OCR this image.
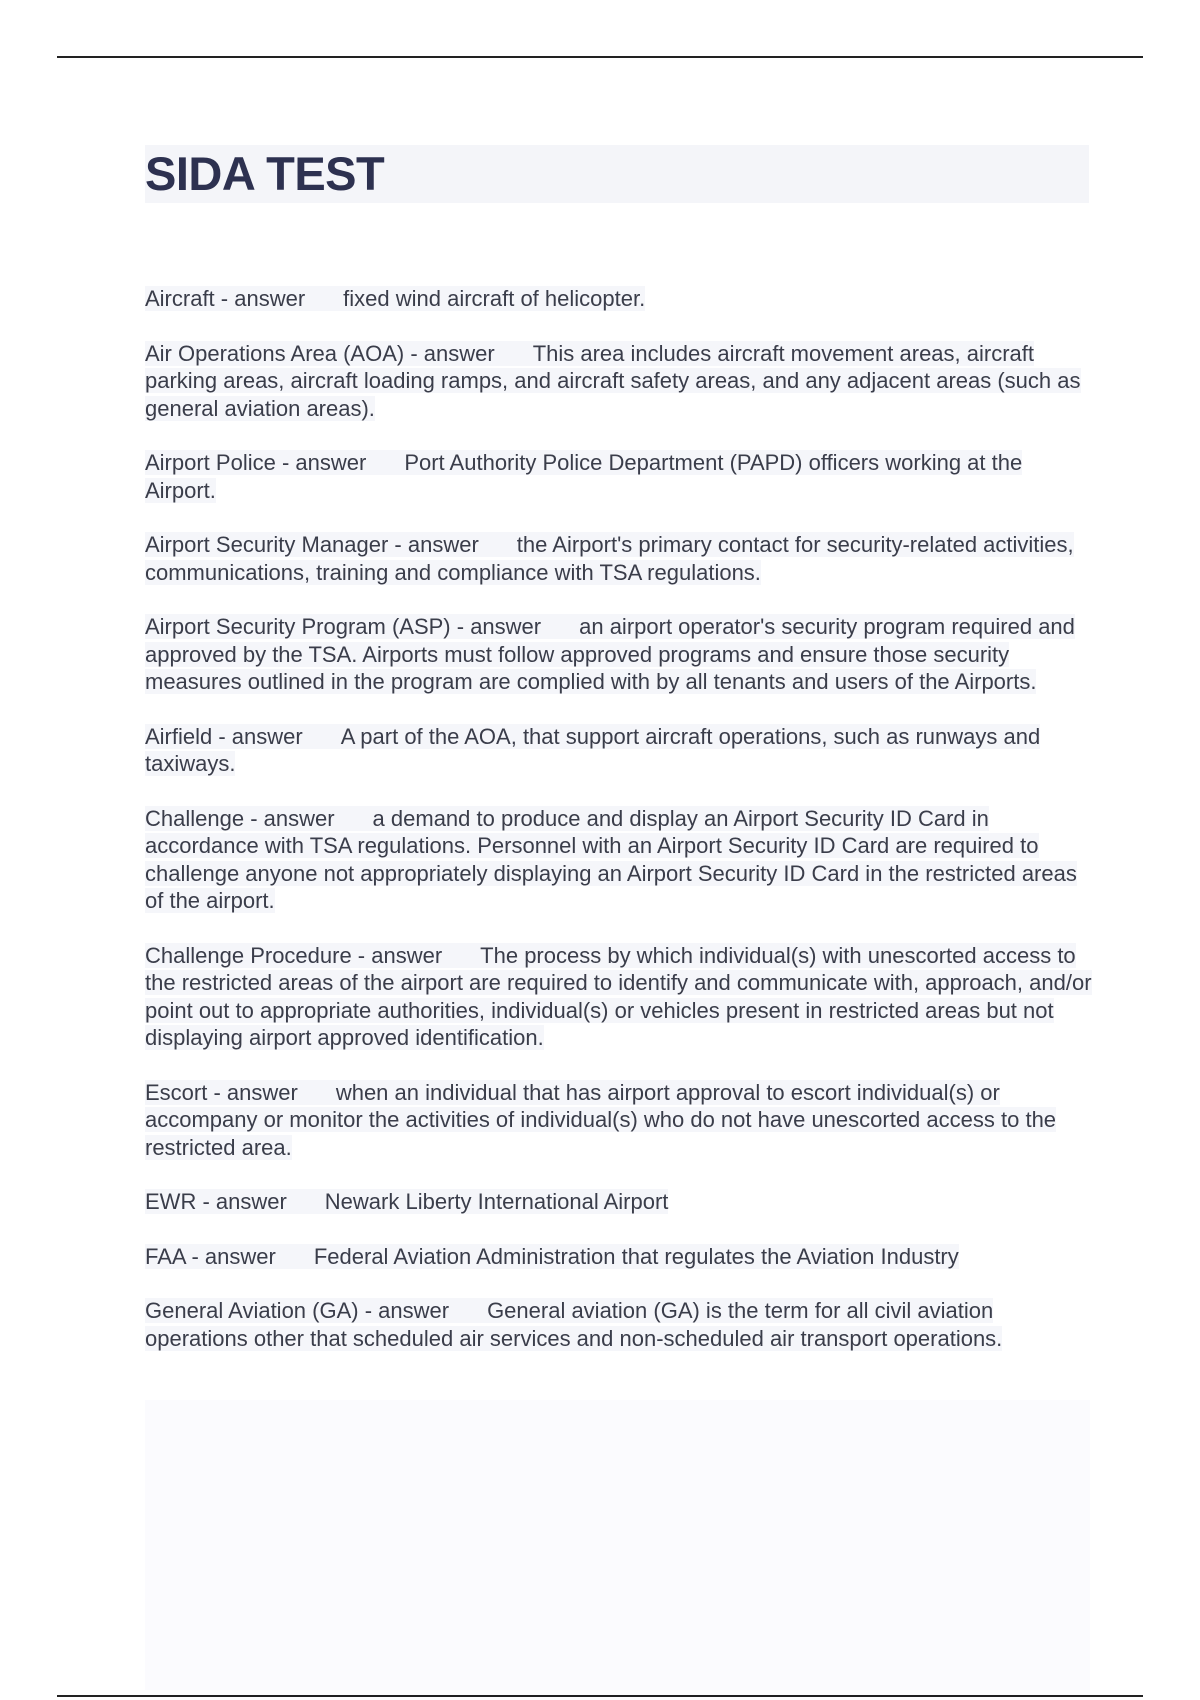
SIDA TEST

Aircraft - answer fixed wind aircraft of helicopter.

Air Operations Area (AOA) - answer This area includes aircraft movement areas, aircraft parking areas, aircraft loading ramps, and aircraft safety areas, and any adjacent areas (such as general aviation areas).

Airport Police - answer Port Authority Police Department (PAPD) officers working at the Airport.

Airport Security Manager - answer the Airport's primary contact for security-related activities, communications, training and compliance with TSA regulations.

Airport Security Program (ASP) - answer an airport operator's security program required and approved by the TSA. Airports must follow approved programs and ensure those security measures outlined in the program are complied with by all tenants and users of the Airports.

Airfield - answer A part of the AOA, that support aircraft operations, such as runways and taxiways.

Challenge - answer a demand to produce and display an Airport Security ID Card in accordance with TSA regulations. Personnel with an Airport Security ID Card are required to challenge anyone not appropriately displaying an Airport Security ID Card in the restricted areas of the airport.

Challenge Procedure - answer The process by which individual(s) with unescorted access to the restricted areas of the airport are required to identify and communicate with, approach, and/or point out to appropriate authorities, individual(s) or vehicles present in restricted areas but not displaying airport approved identification.

Escort - answer when an individual that has airport approval to escort individual(s) or accompany or monitor the activities of individual(s) who do not have unescorted access to the restricted area.

EWR - answer Newark Liberty International Airport

FAA - answer Federal Aviation Administration that regulates the Aviation Industry

General Aviation (GA) - answer General aviation (GA) is the term for all civil aviation operations other that scheduled air services and non-scheduled air transport operations.
